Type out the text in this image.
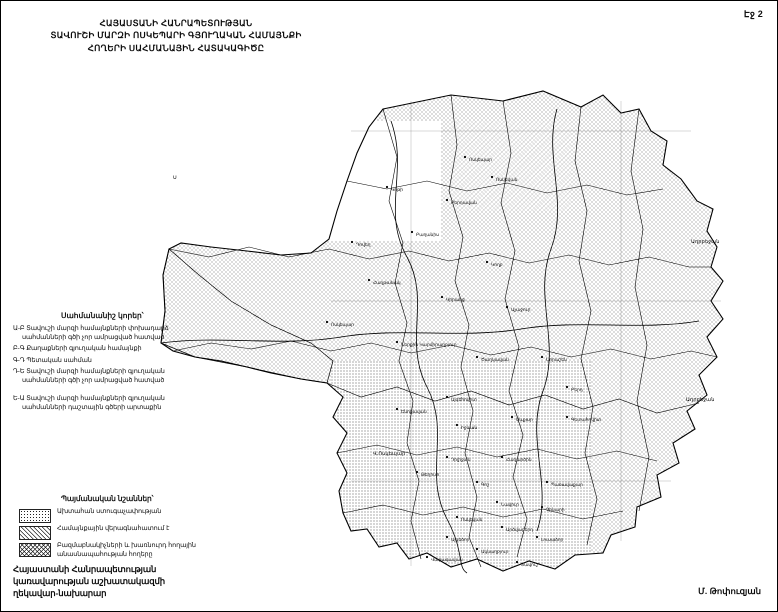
Էջ 2
ՀԱՅԱՍՏԱՆԻ ՀԱՆՐԱՊԵՏՈՒԹՅԱՆ
ՏԱՎՈՒՇԻ ՄԱՐԶԻ ՈՍԿԵՊԱՐԻ ԳՅՈՒՂԱԿԱՆ ՀԱՄԱՅՆՔԻ
ՀՈՂԵՐԻ ՍԱՀՄԱՆԱՅԻՆ ՀԱՏԱԿԱԳԻԾԸ
Ոսկեպար
Կոթի
Բերդավան
Ոսկեվան
Բաղանիս
Դովեղ
Կողբ
Հաղթանակ
Կիրանց
Աչաջուր
Ոսկեպար
Ներքին Կարմիրաղբյուր
Ծաղկավան	Նորաշեն
Բերդ
Այգեհովիտ
Ենոքավան
Իջևան
Սևքար	Գետահովիտ
Դիլիջան	Հաղարծին
Թեղուտ
Գոշ	Պառավաքար
Նավուր
Չինարի
Ոսկեվան
Արծվաբերդ
Այգեձոր	Լուսաձոր
Ակնաղբյուր
Վարագավան
Տավուշ
Ադրբեջան
Ադրբեջան
Վ.Ոսկեպար
Ս
Սահմանանիշ կորեր՝
Ա-Բ Տավուշի մարզի համայնքների փոխադարձ
սահմանների գծի չոր ամրացված հատված
Բ-Գ Քաղաքների գյուղական համայնքի
Գ-Դ Պետական սահման
Դ-Ե Տավուշի մարզի համայնքների գյուղական
սահմանների գծի չոր ամրացված հատված
Ե-Ա Տավուշի մարզի համայնքների գյուղական
սահմանների դաշտային գծերի արտաքին
Պայմանական նշաններ՝
Ախտահան ստուգաչափության
Համայնքային վերագնահատում է
Բազմաբնակիչների և խառնուրդ հողային
անասնապահության հողերը
Հայաստանի Հանրապետության
կառավարության աշխատակազմի
ղեկավար-նախարար	Մ. Թոփուզյան
